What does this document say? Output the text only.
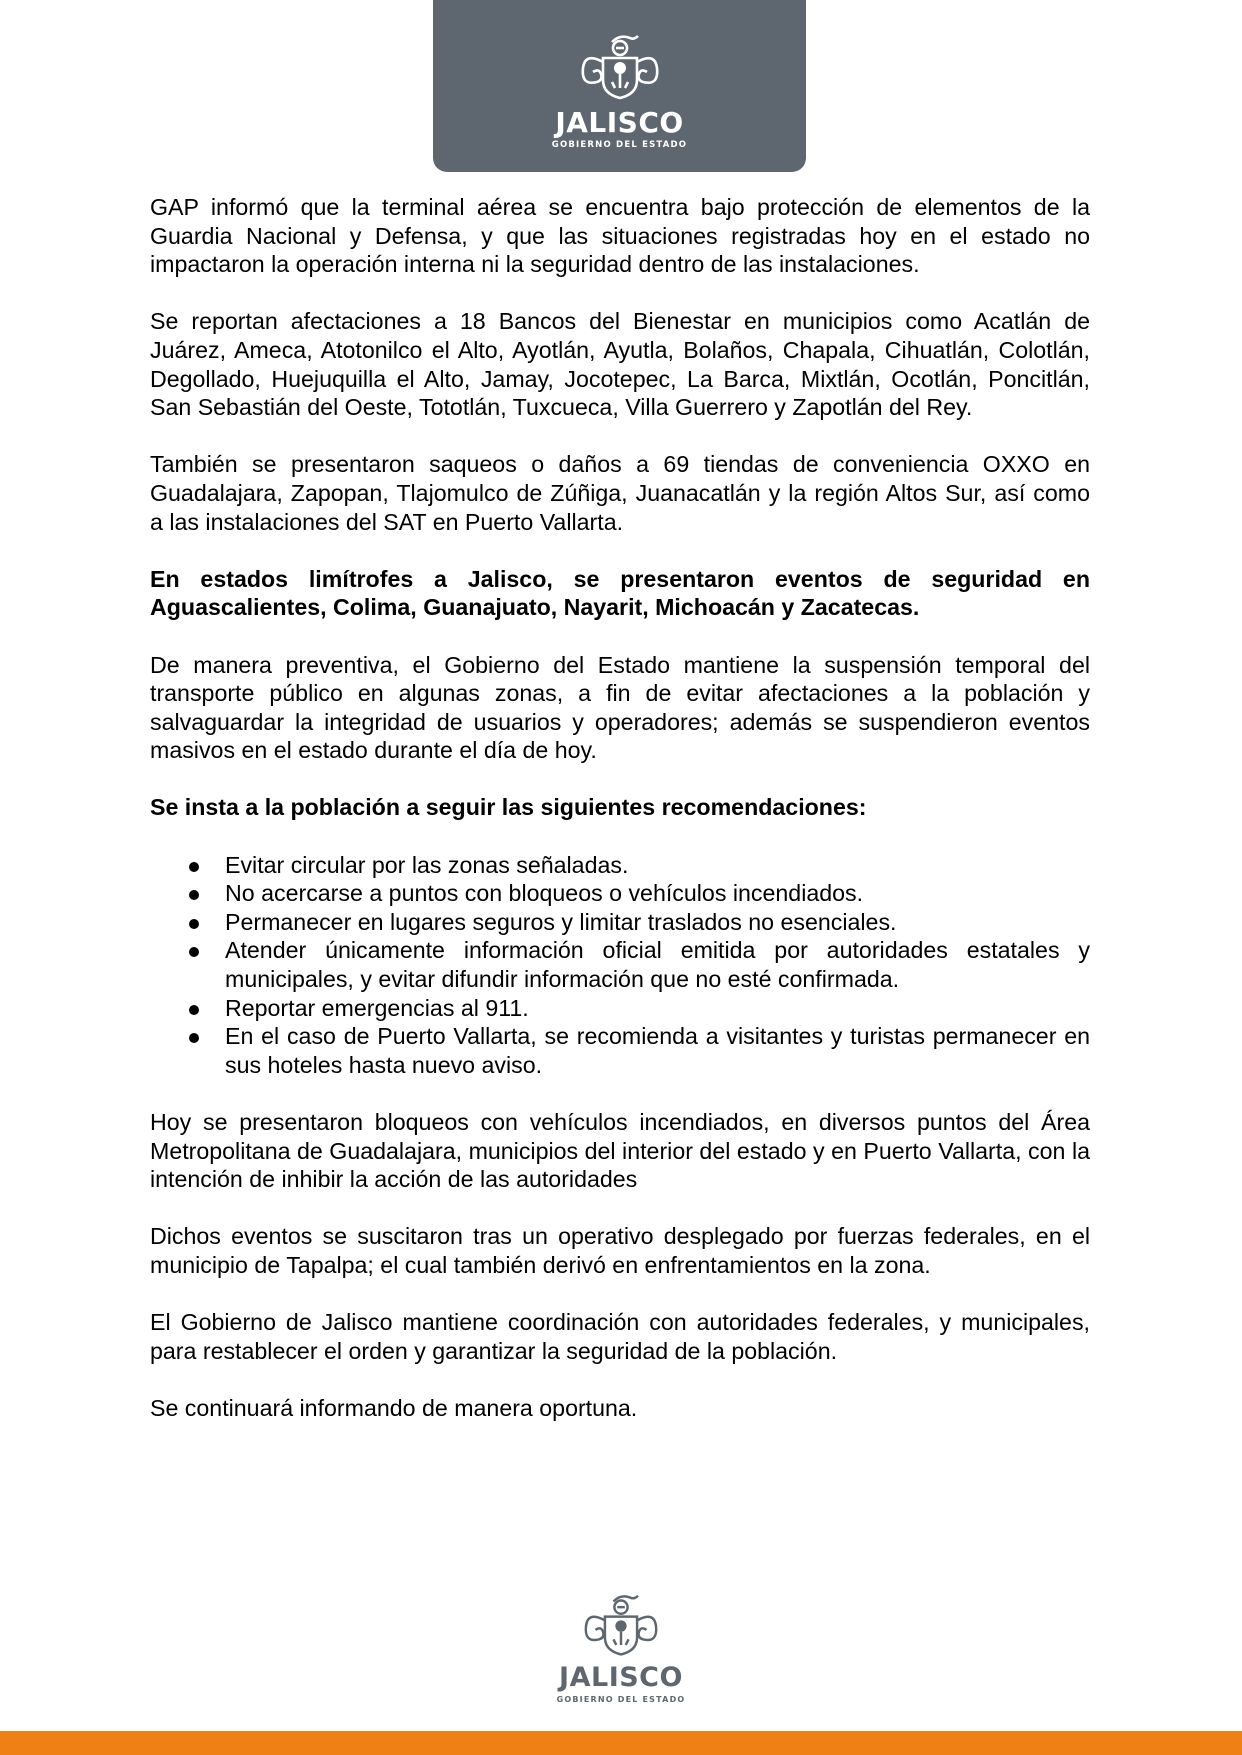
JALISCO
GOBIERNO DEL ESTADO

GAP informó que la terminal aérea se encuentra bajo protección de elementos de la Guardia Nacional y Defensa, y que las situaciones registradas hoy en el estado no impactaron la operación interna ni la seguridad dentro de las instalaciones.

Se reportan afectaciones a 18 Bancos del Bienestar en municipios como Acatlán de Juárez, Ameca, Atotonilco el Alto, Ayotlán, Ayutla, Bolaños, Chapala, Cihuatlán, Colotlán, Degollado, Huejuquilla el Alto, Jamay, Jocotepec, La Barca, Mixtlán, Ocotlán, Poncitlán, San Sebastián del Oeste, Tototlán, Tuxcueca, Villa Guerrero y Zapotlán del Rey.

También se presentaron saqueos o daños a 69 tiendas de conveniencia OXXO en Guadalajara, Zapopan, Tlajomulco de Zúñiga, Juanacatlán y la región Altos Sur, así como a las instalaciones del SAT en Puerto Vallarta.

En estados limítrofes a Jalisco, se presentaron eventos de seguridad en Aguascalientes, Colima, Guanajuato, Nayarit, Michoacán y Zacatecas.

De manera preventiva, el Gobierno del Estado mantiene la suspensión temporal del transporte público en algunas zonas, a fin de evitar afectaciones a la población y salvaguardar la integridad de usuarios y operadores; además se suspendieron eventos masivos en el estado durante el día de hoy.

Se insta a la población a seguir las siguientes recomendaciones:

Evitar circular por las zonas señaladas.
No acercarse a puntos con bloqueos o vehículos incendiados.
Permanecer en lugares seguros y limitar traslados no esenciales.
Atender únicamente información oficial emitida por autoridades estatales y municipales, y evitar difundir información que no esté confirmada.
Reportar emergencias al 911.
En el caso de Puerto Vallarta, se recomienda a visitantes y turistas permanecer en sus hoteles hasta nuevo aviso.

Hoy se presentaron bloqueos con vehículos incendiados, en diversos puntos del Área Metropolitana de Guadalajara, municipios del interior del estado y en Puerto Vallarta, con la intención de inhibir la acción de las autoridades

Dichos eventos se suscitaron tras un operativo desplegado por fuerzas federales, en el municipio de Tapalpa; el cual también derivó en enfrentamientos en la zona.

El Gobierno de Jalisco mantiene coordinación con autoridades federales, y municipales, para restablecer el orden y garantizar la seguridad de la población.

Se continuará informando de manera oportuna.

JALISCO
GOBIERNO DEL ESTADO
